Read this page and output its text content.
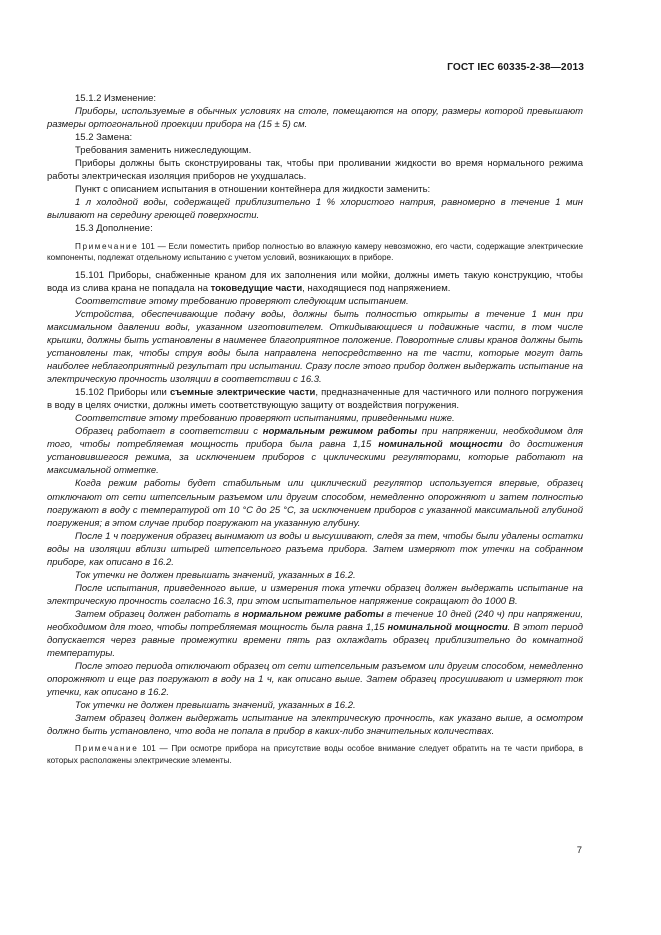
ГОСТ IEC 60335-2-38—2013

15.1.2 Изменение:

Приборы, используемые в обычных условиях на столе, помещаются на опору, размеры которой превышают размеры ортогональной проекции прибора на (15 ± 5) см.

15.2 Замена:

Требования заменить нижеследующим.

Приборы должны быть сконструированы так, чтобы при проливании жидкости во время нормального режима работы электрическая изоляция приборов не ухудшалась.

Пункт с описанием испытания в отношении контейнера для жидкости заменить:

1 л холодной воды, содержащей приблизительно 1 % хлористого натрия, равномерно в течение 1 мин выливают на середину греющей поверхности.

15.3 Дополнение:

Примечание 101 — Если поместить прибор полностью во влажную камеру невозможно, его части, содержащие электрические компоненты, подлежат отдельному испытанию с учетом условий, возникающих в приборе.

15.101 Приборы, снабженные краном для их заполнения или мойки, должны иметь такую конструкцию, чтобы вода из слива крана не попадала на токоведущие части, находящиеся под напряжением.

Соответствие этому требованию проверяют следующим испытанием.

Устройства, обеспечивающие подачу воды, должны быть полностью открыты в течение 1 мин при максимальном давлении воды, указанном изготовителем. Откидывающиеся и подвижные части, в том числе крышки, должны быть установлены в наименее благоприятное положение. Поворотные сливы кранов должны быть установлены так, чтобы струя воды была направлена непосредственно на те части, которые могут дать наиболее неблагоприятный результат при испытании. Сразу после этого прибор должен выдержать испытание на электрическую прочность изоляции в соответствии с 16.3.

15.102 Приборы или съемные электрические части, предназначенные для частичного или полного погружения в воду в целях очистки, должны иметь соответствующую защиту от воздействия погружения.

Соответствие этому требованию проверяют испытаниями, приведенными ниже.

Образец работает в соответствии с нормальным режимом работы при напряжении, необходимом для того, чтобы потребляемая мощность прибора была равна 1,15 номинальной мощности до достижения установившегося режима, за исключением приборов с циклическими регуляторами, которые работают на максимальной отметке.

Когда режим работы будет стабильным или циклический регулятор используется впервые, образец отключают от сети штепсельным разъемом или другим способом, немедленно опорожняют и затем полностью погружают в воду с температурой от 10 °С до 25 °С, за исключением приборов с указанной максимальной глубиной погружения; в этом случае прибор погружают на указанную глубину.

После 1 ч погружения образец вынимают из воды и высушивают, следя за тем, чтобы были удалены остатки воды на изоляции вблизи штырей штепсельного разъема прибора. Затем измеряют ток утечки на собранном приборе, как описано в 16.2.

Ток утечки не должен превышать значений, указанных в 16.2.

После испытания, приведенного выше, и измерения тока утечки образец должен выдержать испытание на электрическую прочность согласно 16.3, при этом испытательное напряжение сокращают до 1000 В.

Затем образец должен работать в нормальном режиме работы в течение 10 дней (240 ч) при напряжении, необходимом для того, чтобы потребляемая мощность была равна 1,15 номинальной мощности. В этот период допускается через равные промежутки времени пять раз охлаждать образец приблизительно до комнатной температуры.

После этого периода отключают образец от сети штепсельным разъемом или другим способом, немедленно опорожняют и еще раз погружают в воду на 1 ч, как описано выше. Затем образец просушивают и измеряют ток утечки, как описано в 16.2.

Ток утечки не должен превышать значений, указанных в 16.2.

Затем образец должен выдержать испытание на электрическую прочность, как указано выше, а осмотром должно быть установлено, что вода не попала в прибор в каких-либо значительных количествах.

Примечание 101 — При осмотре прибора на присутствие воды особое внимание следует обратить на те части прибора, в которых расположены электрические элементы.

7
